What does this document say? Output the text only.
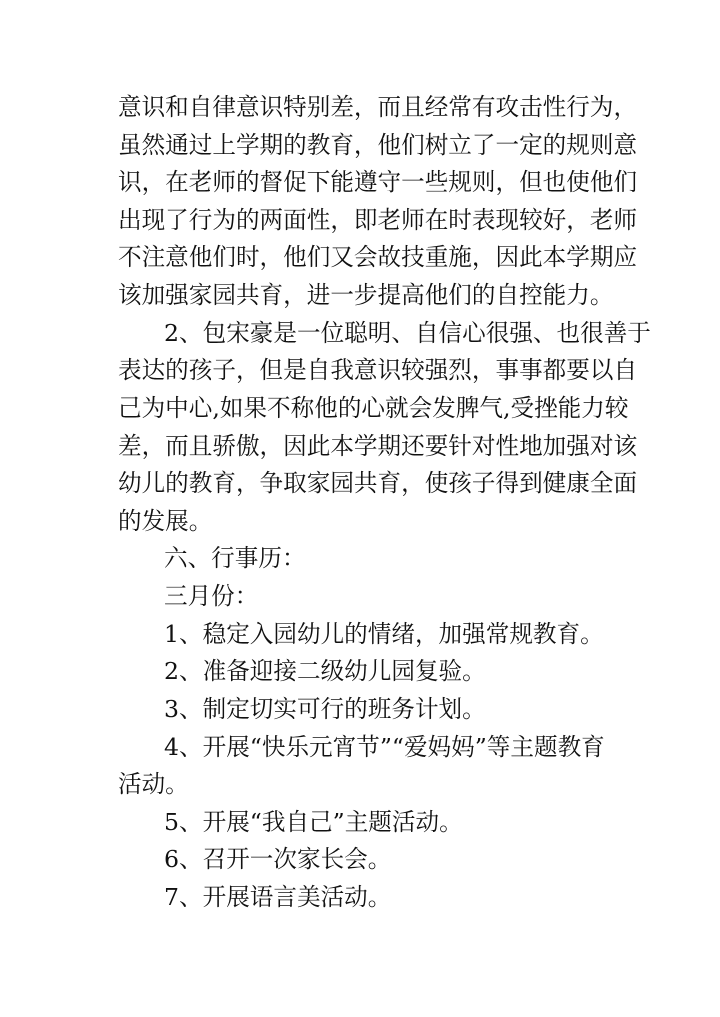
意识和自律意识特别差，而且经常有攻击性行为，
虽然通过上学期的教育，他们树立了一定的规则意
识，在老师的督促下能遵守一些规则，但也使他们
出现了行为的两面性，即老师在时表现较好，老师
不注意他们时，他们又会故技重施，因此本学期应
该加强家园共育，进一步提高他们的自控能力。
2、包宋豪是一位聪明、自信心很强、也很善于
表达的孩子，但是自我意识较强烈，事事都要以自
己为中心,如果不称他的心就会发脾气,受挫能力较
差，而且骄傲，因此本学期还要针对性地加强对该
幼儿的教育，争取家园共育，使孩子得到健康全面
的发展。
六、行事历：
三月份：
1、稳定入园幼儿的情绪，加强常规教育。
2、准备迎接二级幼儿园复验。
3、制定切实可行的班务计划。
4、开展“快乐元宵节”“爱妈妈”等主题教育
活动。
5、开展“我自己”主题活动。
6、召开一次家长会。
7、开展语言美活动。
